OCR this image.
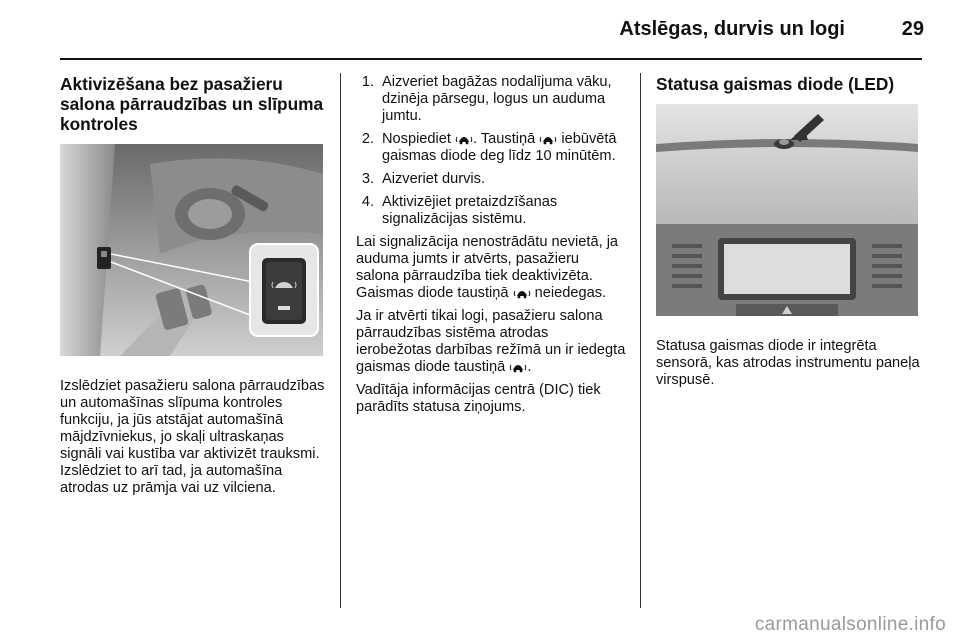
Atslēgas, durvis un logi	29
Aktivizēšana bez pasažieru salona pārraudzības un slīpuma kontroles

Izslēdziet pasažieru salona pārraudzības un automašīnas slīpuma kontroles funkciju, ja jūs atstājat automašīnā mājdzīvniekus, jo skaļi ultraskaņas signāli vai kustība var aktivizēt trauksmi. Izslēdziet to arī tad, ja automašīna atrodas uz prāmja vai uz vilciena.

1. Aizveriet bagāžas nodalījuma vāku, dzinēja pārsegu, logus un auduma jumtu.
2. Nospiediet . Taustiņā iebūvētā gaismas diode deg līdz 10 minūtēm.
3. Aizveriet durvis.
4. Aktivizējiet pretaizdzīšanas signalizācijas sistēmu.

Lai signalizācija nenostrādātu nevietā, ja auduma jumts ir atvērts, pasažieru salona pārraudzība tiek deaktivizēta. Gaismas diode taustiņā neiedegas.

Ja ir atvērti tikai logi, pasažieru salona pārraudzības sistēma atrodas ierobežotas darbības režīmā un ir iedegta gaismas diode taustiņā .

Vadītāja informācijas centrā (DIC) tiek parādīts statusa ziņojums.

Statusa gaismas diode (LED)

Statusa gaismas diode ir integrēta sensorā, kas atrodas instrumentu paneļa virspusē.

carmanualsonline.info
